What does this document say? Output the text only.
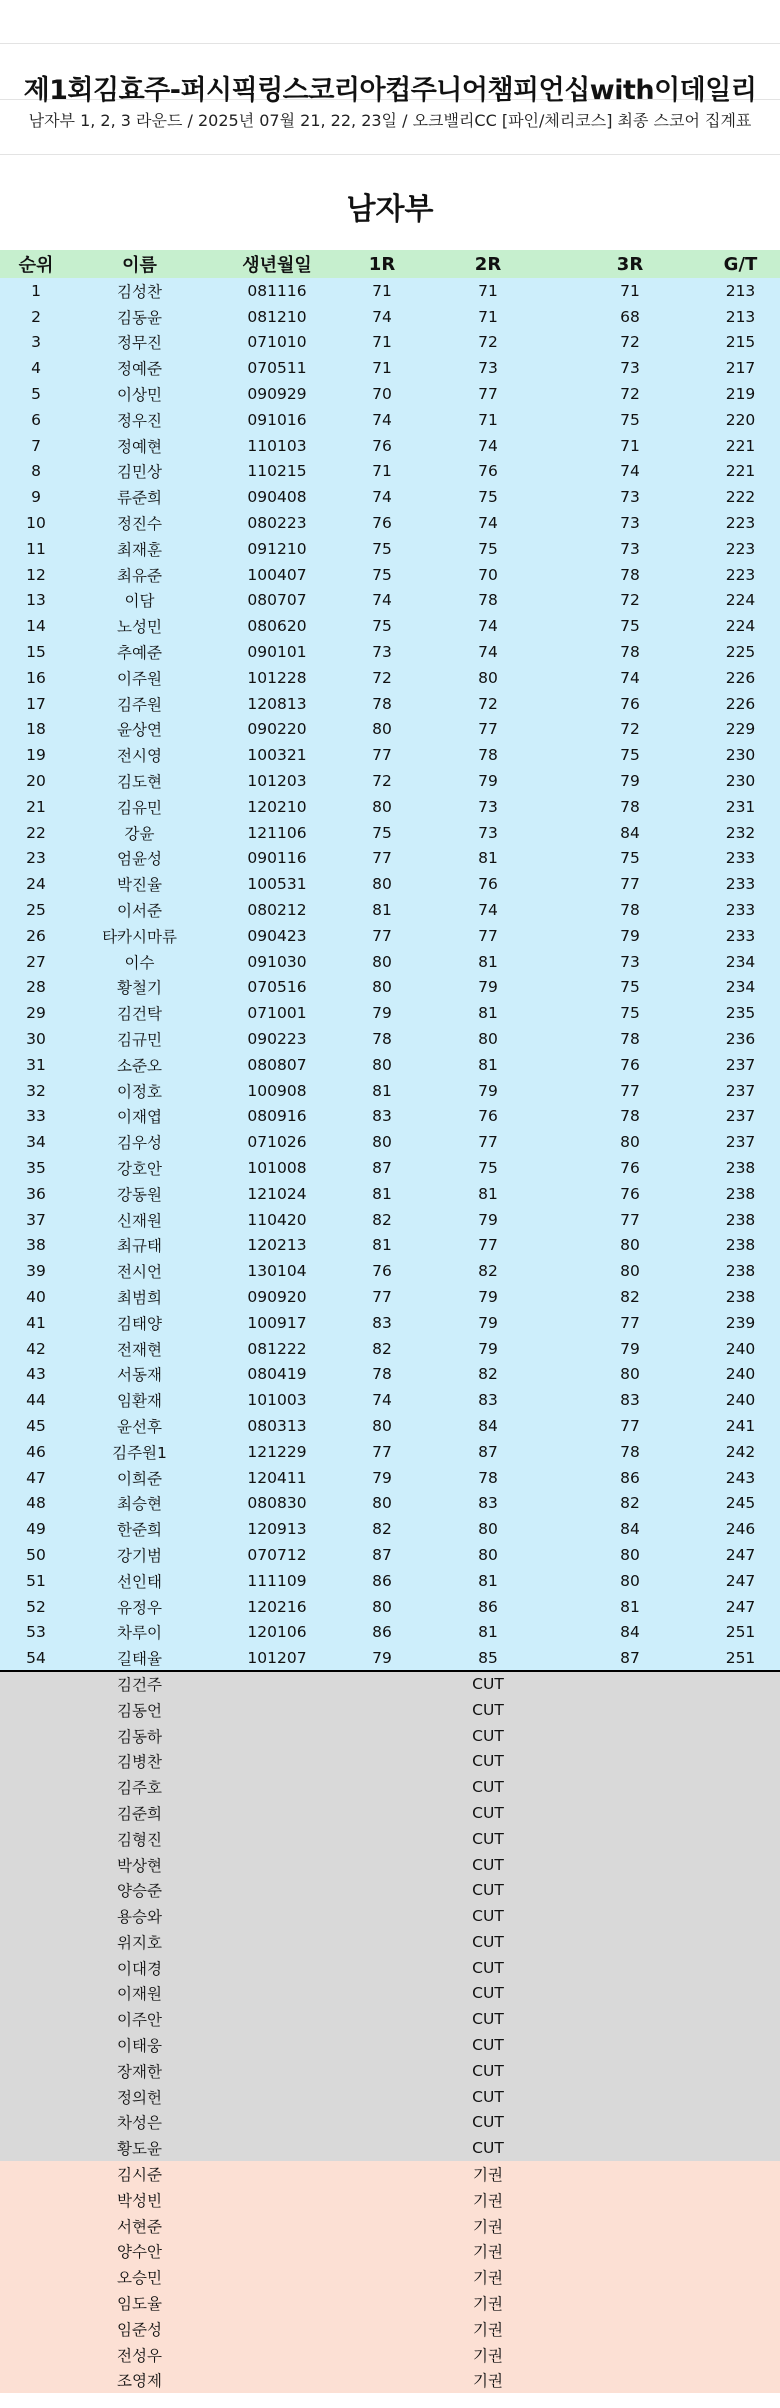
제1회김효주-퍼시픽링스코리아컵주니어챔피언십with이데일리
남자부 1, 2, 3 라운드 / 2025년 07월 21, 22, 23일 / 오크밸리CC [파인/체리코스] 최종 스코어 집계표
남자부
순위	이름	생년월일	1R	2R	3R	G/T
1	김성찬	081116	71	71	71	213
2	김동윤	081210	74	71	68	213
3	정무진	071010	71	72	72	215
4	정예준	070511	71	73	73	217
5	이상민	090929	70	77	72	219
6	정우진	091016	74	71	75	220
7	정예현	110103	76	74	71	221
8	김민상	110215	71	76	74	221
9	류준희	090408	74	75	73	222
10	정진수	080223	76	74	73	223
11	최재훈	091210	75	75	73	223
12	최유준	100407	75	70	78	223
13	이담	080707	74	78	72	224
14	노성민	080620	75	74	75	224
15	추예준	090101	73	74	78	225
16	이주원	101228	72	80	74	226
17	김주원	120813	78	72	76	226
18	윤상연	090220	80	77	72	229
19	전시영	100321	77	78	75	230
20	김도현	101203	72	79	79	230
21	김유민	120210	80	73	78	231
22	강윤	121106	75	73	84	232
23	엄윤성	090116	77	81	75	233
24	박진율	100531	80	76	77	233
25	이서준	080212	81	74	78	233
26	타카시마류	090423	77	77	79	233
27	이수	091030	80	81	73	234
28	황철기	070516	80	79	75	234
29	김건탁	071001	79	81	75	235
30	김규민	090223	78	80	78	236
31	소준오	080807	80	81	76	237
32	이정호	100908	81	79	77	237
33	이재엽	080916	83	76	78	237
34	김우성	071026	80	77	80	237
35	강호안	101008	87	75	76	238
36	강동원	121024	81	81	76	238
37	신재원	110420	82	79	77	238
38	최규태	120213	81	77	80	238
39	전시언	130104	76	82	80	238
40	최범희	090920	77	79	82	238
41	김태양	100917	83	79	77	239
42	전재현	081222	82	79	79	240
43	서동재	080419	78	82	80	240
44	임환재	101003	74	83	83	240
45	윤선후	080313	80	84	77	241
46	김주원1	121229	77	87	78	242
47	이희준	120411	79	78	86	243
48	최승현	080830	80	83	82	245
49	한준희	120913	82	80	84	246
50	강기범	070712	87	80	80	247
51	선인태	111109	86	81	80	247
52	유정우	120216	80	86	81	247
53	차루이	120106	86	81	84	251
54	길태율	101207	79	85	87	251
	김건주			CUT		
	김동언			CUT		
	김동하			CUT		
	김병찬			CUT		
	김주호			CUT		
	김준희			CUT		
	김형진			CUT		
	박상현			CUT		
	양승준			CUT		
	용승와			CUT		
	위지호			CUT		
	이대경			CUT		
	이재원			CUT		
	이주안			CUT		
	이태웅			CUT		
	장재한			CUT		
	정의헌			CUT		
	차성은			CUT		
	황도윤			CUT		
	김시준			기권		
	박성빈			기권		
	서현준			기권		
	양수안			기권		
	오승민			기권		
	임도율			기권		
	임준성			기권		
	전성우			기권		
	조영제			기권		
